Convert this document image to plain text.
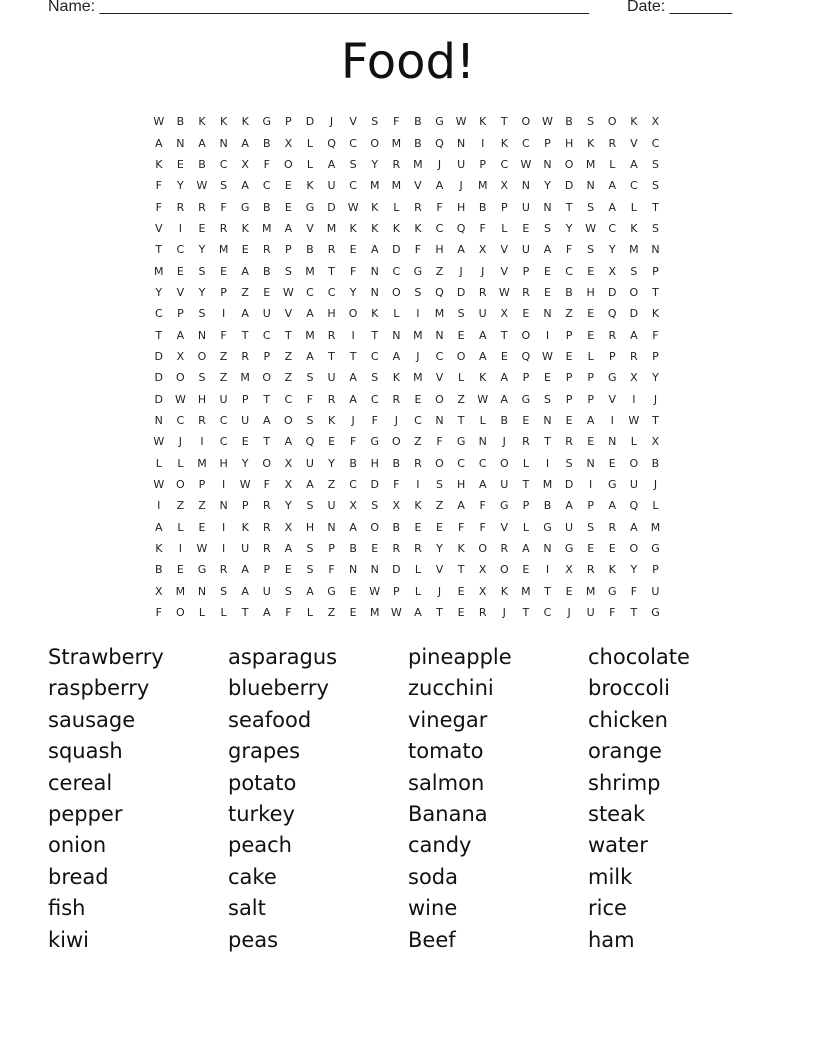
Name: _______________________________________________________ Date: _______
Food!
W	B	K	K	K	G	P	D	J	V	S	F	B	G	W	K	T	O	W	B	S	O	K	X
A	N	A	N	A	B	X	L	Q	C	O	M	B	Q	N	I	K	C	P	H	K	R	V	C
K	E	B	C	X	F	O	L	A	S	Y	R	M	J	U	P	C	W	N	O	M	L	A	S
F	Y	W	S	A	C	E	K	U	C	M	M	V	A	J	M	X	N	Y	D	N	A	C	S
F	R	R	F	G	B	E	G	D	W	K	L	R	F	H	B	P	U	N	T	S	A	L	T
V	I	E	R	K	M	A	V	M	K	K	K	K	C	Q	F	L	E	S	Y	W	C	K	S
T	C	Y	M	E	R	P	B	R	E	A	D	F	H	A	X	V	U	A	F	S	Y	M	N
M	E	S	E	A	B	S	M	T	F	N	C	G	Z	J	J	V	P	E	C	E	X	S	P
Y	V	Y	P	Z	E	W	C	C	Y	N	O	S	Q	D	R	W	R	E	B	H	D	O	T
C	P	S	I	A	U	V	A	H	O	K	L	I	M	S	U	X	E	N	Z	E	Q	D	K
T	A	N	F	T	C	T	M	R	I	T	N	M	N	E	A	T	O	I	P	E	R	A	F
D	X	O	Z	R	P	Z	A	T	T	C	A	J	C	O	A	E	Q	W	E	L	P	R	P
D	O	S	Z	M	O	Z	S	U	A	S	K	M	V	L	K	A	P	E	P	P	G	X	Y
D	W	H	U	P	T	C	F	R	A	C	R	E	O	Z	W	A	G	S	P	P	V	I	J
N	C	R	C	U	A	O	S	K	J	F	J	C	N	T	L	B	E	N	E	A	I	W	T
W	J	I	C	E	T	A	Q	E	F	G	O	Z	F	G	N	J	R	T	R	E	N	L	X
L	L	M	H	Y	O	X	U	Y	B	H	B	R	O	C	C	O	L	I	S	N	E	O	B
W	O	P	I	W	F	X	A	Z	C	D	F	I	S	H	A	U	T	M	D	I	G	U	J
I	Z	Z	N	P	R	Y	S	U	X	S	X	K	Z	A	F	G	P	B	A	P	A	Q	L
A	L	E	I	K	R	X	H	N	A	O	B	E	E	F	F	V	L	G	U	S	R	A	M
K	I	W	I	U	R	A	S	P	B	E	R	R	Y	K	O	R	A	N	G	E	E	O	G
B	E	G	R	A	P	E	S	F	N	N	D	L	V	T	X	O	E	I	X	R	K	Y	P
X	M	N	S	A	U	S	A	G	E	W	P	L	J	E	X	K	M	T	E	M	G	F	U
F	O	L	L	T	A	F	L	Z	E	M	W	A	T	E	R	J	T	C	J	U	F	T	G
Strawberry	asparagus	pineapple	chocolate
raspberry	blueberry	zucchini	broccoli
sausage	seafood	vinegar	chicken
squash	grapes	tomato	orange
cereal	potato	salmon	shrimp
pepper	turkey	Banana	steak
onion	peach	candy	water
bread	cake	soda	milk
fish	salt	wine	rice
kiwi	peas	Beef	ham
